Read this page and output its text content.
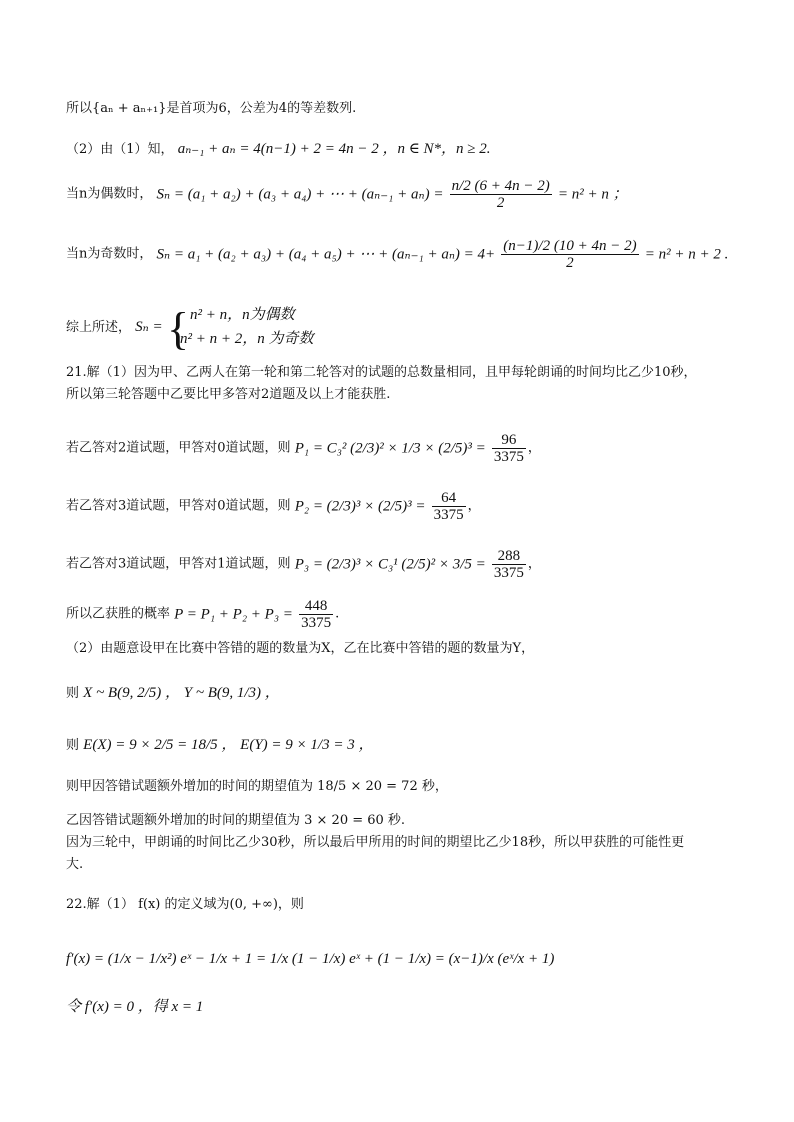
所以{aₙ + aₙ₊₁}是首项为6，公差为4的等差数列.
（2）由（1）知， aₙ₋₁ + aₙ = 4(n−1) + 2 = 4n − 2 ，n ∈ N*，n ≥ 2.
当n为偶数时， Sₙ = (a₁ + a₂) + (a₃ + a₄) + ⋯ + $(a_{n-1} + a_n) = \frac{n/2 (6 + 4n - 2)}{2} = n^2 + n$ ；
当n为奇数时， Sₙ = a₁ + (a₂ + a₃) + (a₄ + a₅) + ⋯ + $(a_{n-1} + a_n) = 4+ \frac{(n-1)/2 (10 + 4n - 2)}{2} = n^2 + n + 2$ .
综上所述， Sₙ = { n² + n，n为偶数
n² + n + 2，n 为奇数
21.解（1）因为甲、乙两人在第一轮和第二轮答对的试题的总数量相同，且甲每轮朗诵的时间均比乙少10秒，
所以第三轮答题中乙要比甲多答对2道题及以上才能获胜.
若乙答对2道试题，甲答对0道试题，则 P₁ = C₃² $(2/3)^2 \times 1/3 \times (2/5)^3 = \frac{96}{3375}$ ，
若乙答对3道试题，甲答对0道试题，则 $P_2 = (2/3)^3 \times (2/5)^3 = \frac{64}{3375}$ ，
若乙答对3道试题，甲答对1道试题，则 P₃ = (2/3)³ × C₃¹ $(2/5)^2 \times 3/5 = \frac{288}{3375}$ ，
所以乙获胜的概率 $P = P_1 + P_2 + P_3 = \frac{448}{3375}$ .
（2）由题意设甲在比赛中答错的题的数量为X，乙在比赛中答错的题的数量为Y，
则 X ~ B(9, 2/5) ， Y ~ B(9, 1/3) ，
则 E(X) = 9 × 2/5 = 18/5 ， E(Y) = 9 × 1/3 = 3 ，
则甲因答错试题额外增加的时间的期望值为 18/5 × 20 = 72 秒，
乙因答错试题额外增加的时间的期望值为 3 × 20 = 60 秒.
因为三轮中，甲朗诵的时间比乙少30秒，所以最后甲所用的时间的期望比乙少18秒，所以甲获胜的可能性更
大.
22.解（1） f(x) 的定义域为(0, +∞)，则
f′(x) = (1/x − 1/x²) eˣ − 1/x + 1 = 1/x (1 − 1/x) eˣ + (1 − 1/x) = (x−1)/x (eˣ/x + 1)
令 f′(x) = 0 ，得 x = 1
